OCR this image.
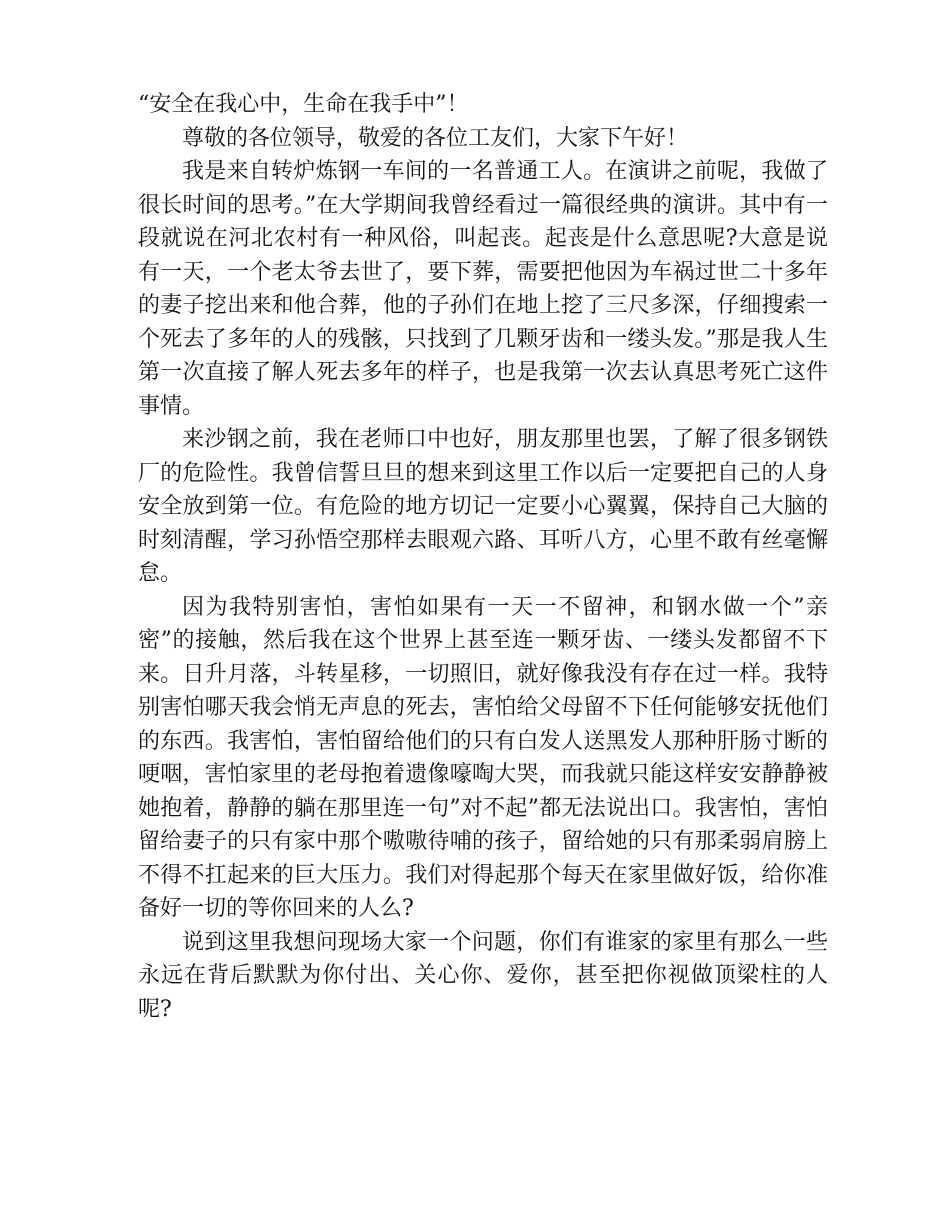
“安全在我心中，生命在我手中”！

尊敬的各位领导，敬爱的各位工友们，大家下午好！

我是来自转炉炼钢一车间的一名普通工人。在演讲之前呢，我做了很长时间的思考。”在大学期间我曾经看过一篇很经典的演讲。其中有一段就说在河北农村有一种风俗，叫起丧。起丧是什么意思呢?大意是说有一天，一个老太爷去世了，要下葬，需要把他因为车祸过世二十多年的妻子挖出来和他合葬，他的子孙们在地上挖了三尺多深，仔细搜索一个死去了多年的人的残骸，只找到了几颗牙齿和一缕头发。”那是我人生第一次直接了解人死去多年的样子，也是我第一次去认真思考死亡这件事情。

来沙钢之前，我在老师口中也好，朋友那里也罢，了解了很多钢铁厂的危险性。我曾信誓旦旦的想来到这里工作以后一定要把自己的人身安全放到第一位。有危险的地方切记一定要小心翼翼，保持自己大脑的时刻清醒，学习孙悟空那样去眼观六路、耳听八方，心里不敢有丝毫懈怠。

因为我特别害怕，害怕如果有一天一不留神，和钢水做一个”亲密”的接触，然后我在这个世界上甚至连一颗牙齿、一缕头发都留不下来。日升月落，斗转星移，一切照旧，就好像我没有存在过一样。我特别害怕哪天我会悄无声息的死去，害怕给父母留不下任何能够安抚他们的东西。我害怕，害怕留给他们的只有白发人送黑发人那种肝肠寸断的哽咽，害怕家里的老母抱着遗像嚎啕大哭，而我就只能这样安安静静被她抱着，静静的躺在那里连一句”对不起”都无法说出口。我害怕，害怕留给妻子的只有家中那个嗷嗷待哺的孩子，留给她的只有那柔弱肩膀上不得不扛起来的巨大压力。我们对得起那个每天在家里做好饭，给你准备好一切的等你回来的人么?

说到这里我想问现场大家一个问题，你们有谁家的家里有那么一些永远在背后默默为你付出、关心你、爱你，甚至把你视做顶梁柱的人呢?
